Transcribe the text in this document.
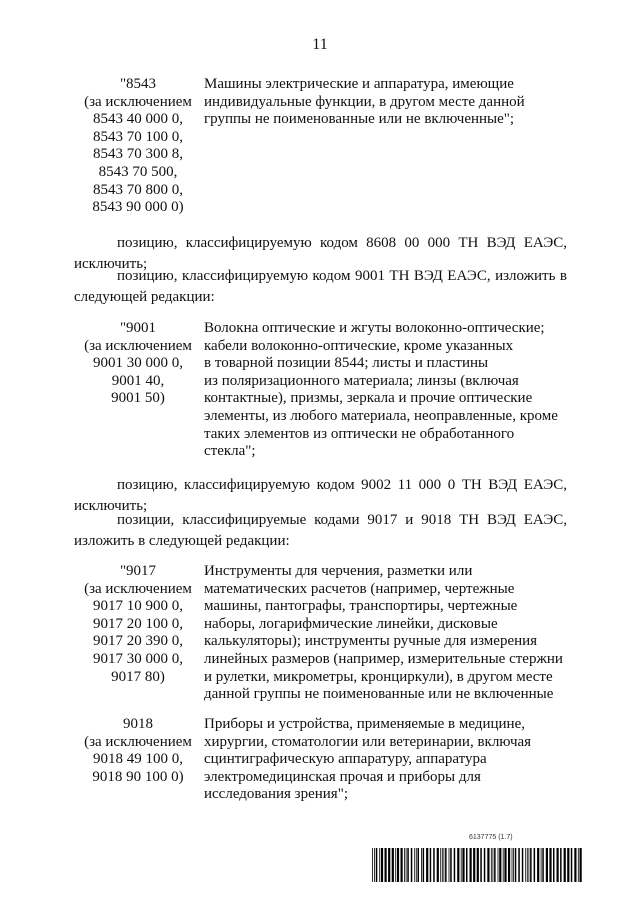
11
"8543
(за исключением
8543 40 000 0,
8543 70 100 0,
8543 70 300 8,
8543 70 500,
8543 70 800 0,
8543 90 000 0)
Машины электрические и аппаратура, имеющие
индивидуальные функции, в другом месте данной
группы не поименованные или не включенные";

позицию, классифицируемую кодом 8608 00 000 ТН ВЭД ЕАЭС, исключить;

позицию, классифицируемую кодом 9001 ТН ВЭД ЕАЭС, изложить в следующей редакции:

"9001
(за исключением
9001 30 000 0,
9001 40,
9001 50)
Волокна оптические и жгуты волоконно-оптические;
кабели волоконно-оптические, кроме указанных
в товарной позиции 8544; листы и пластины
из поляризационного материала; линзы (включая
контактные), призмы, зеркала и прочие оптические
элементы, из любого материала, неоправленные, кроме
таких элементов из оптически не обработанного
стекла";

позицию, классифицируемую кодом 9002 11 000 0 ТН ВЭД ЕАЭС, исключить;

позиции, классифицируемые кодами 9017 и 9018 ТН ВЭД ЕАЭС, изложить в следующей редакции:

"9017
(за исключением
9017 10 900 0,
9017 20 100 0,
9017 20 390 0,
9017 30 000 0,
9017 80)
Инструменты для черчения, разметки или
математических расчетов (например, чертежные
машины, пантографы, транспортиры, чертежные
наборы, логарифмические линейки, дисковые
калькуляторы); инструменты ручные для измерения
линейных размеров (например, измерительные стержни
и рулетки, микрометры, кронциркули), в другом месте
данной группы не поименованные или не включенные
9018
(за исключением
9018 49 100 0,
9018 90 100 0)
Приборы и устройства, применяемые в медицине,
хирургии, стоматологии или ветеринарии, включая
сцинтиграфическую аппаратуру, аппаратура
электромедицинская прочая и приборы для
исследования зрения";
6137775 (1.7)
